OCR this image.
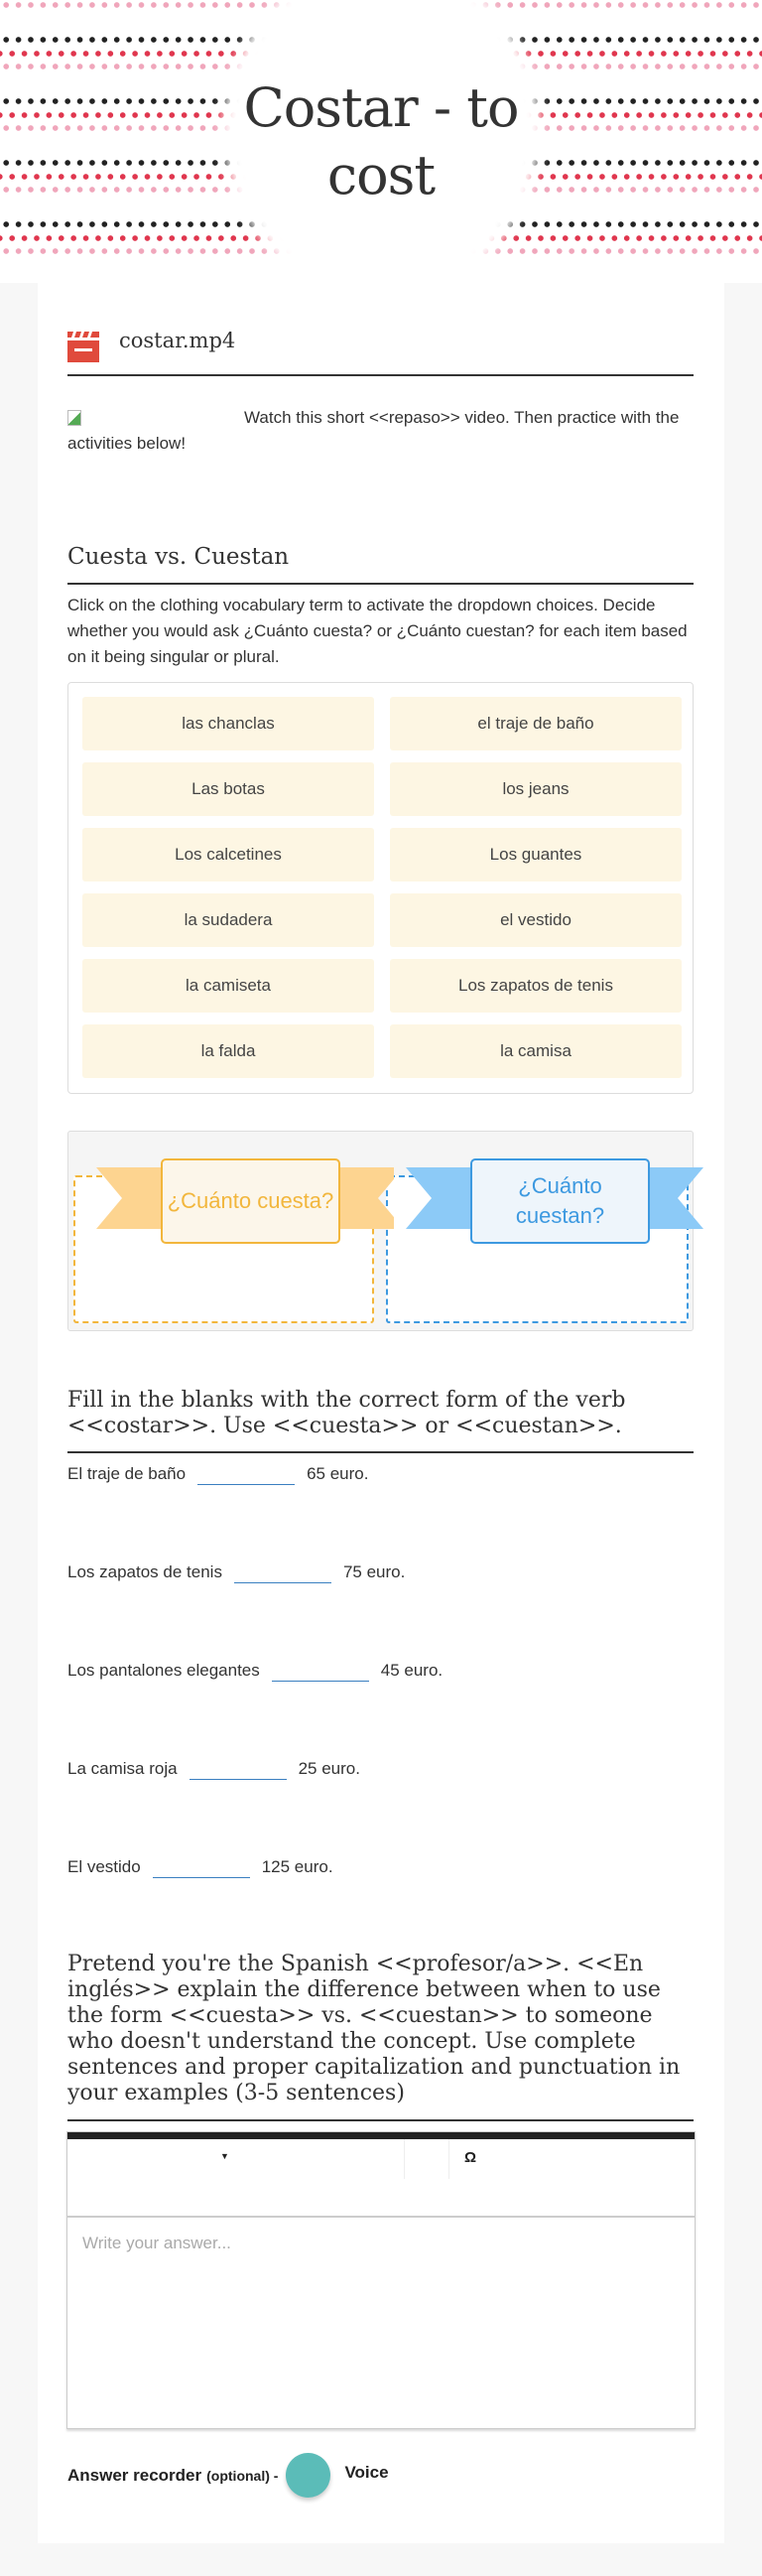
Costar - to cost
costar.mp4
Watch this short <<repaso>> video. Then practice with the activities below!
Cuesta vs. Cuestan
Click on the clothing vocabulary term to activate the dropdown choices. Decide whether you would ask ¿Cuánto cuesta? or ¿Cuánto cuestan? for each item based on it being singular or plural.
las chanclas	el traje de baño
Las botas	los jeans
Los calcetines	Los guantes
la sudadera	el vestido
la camiseta	Los zapatos de tenis
la falda	la camisa
¿Cuánto cuesta?
¿Cuánto cuestan?
Fill in the blanks with the correct form of the verb <<costar>>. Use <<cuesta>> or <<cuestan>>.
El traje de baño	65 euro.
Los zapatos de tenis	75 euro.
Los pantalones elegantes	45 euro.
La camisa roja	25 euro.
El vestido	125 euro.
Pretend you're the Spanish <<profesor/a>>. <<En inglés>> explain the difference between when to use the form <<cuesta>> vs. <<cuestan>> to someone who doesn't understand the concept. Use complete sentences and proper capitalization and punctuation in your examples (3-5 sentences)
▼	Ω
Write your answer...
Answer recorder (optional) -	Voice
